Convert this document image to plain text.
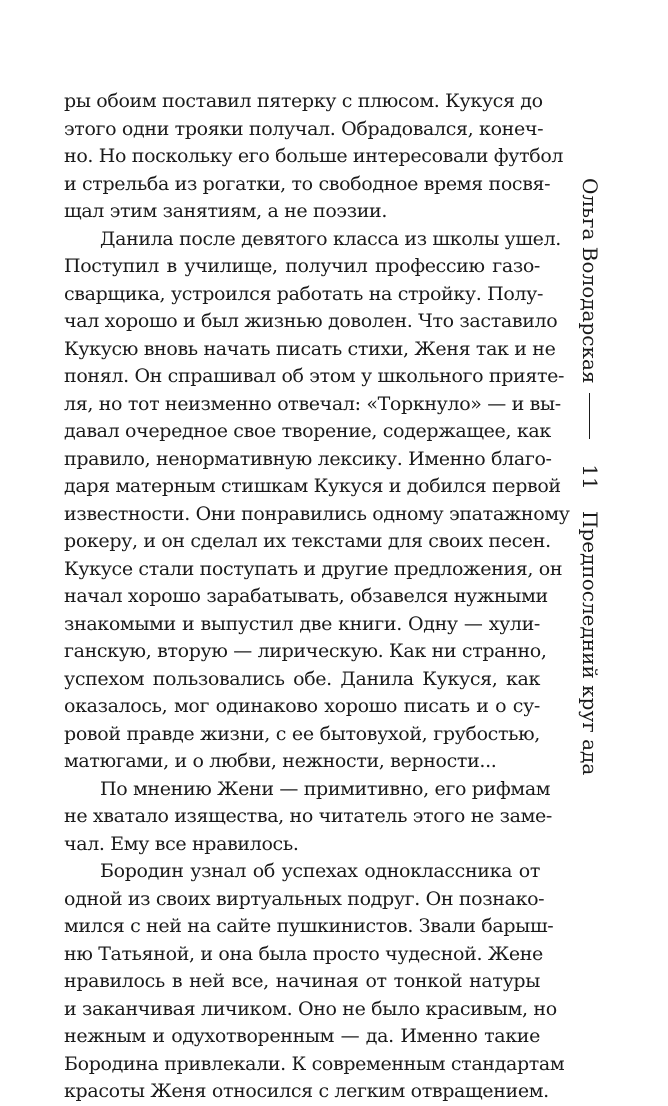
ры обоим поставил пятерку с плюсом. Кукуся до
этого одни трояки получал. Обрадовался, конеч-
но. Но поскольку его больше интересовали футбол
и стрельба из рогатки, то свободное время посвя-
щал этим занятиям, а не поэзии.
Данила после девятого класса из школы ушел.
Поступил в училище, получил профессию газо-
сварщика, устроился работать на стройку. Полу-
чал хорошо и был жизнью доволен. Что заставило
Кукусю вновь начать писать стихи, Женя так и не
понял. Он спрашивал об этом у школьного прияте-
ля, но тот неизменно отвечал: «Торкнуло» — и вы-
давал очередное свое творение, содержащее, как
правило, ненормативную лексику. Именно благо-
даря матерным стишкам Кукуся и добился первой
известности. Они понравились одному эпатажному
рокеру, и он сделал их текстами для своих песен.
Кукусе стали поступать и другие предложения, он
начал хорошо зарабатывать, обзавелся нужными
знакомыми и выпустил две книги. Одну — хули-
ганскую, вторую — лирическую. Как ни странно,
успехом пользовались обе. Данила Кукуся, как
оказалось, мог одинаково хорошо писать и о су-
ровой правде жизни, с ее бытовухой, грубостью,
матюгами, и о любви, нежности, верности...
По мнению Жени — примитивно, его рифмам
не хватало изящества, но читатель этого не заме-
чал. Ему все нравилось.
Бородин узнал об успехах одноклассника от
одной из своих виртуальных подруг. Он познако-
мился с ней на сайте пушкинистов. Звали барыш-
ню Татьяной, и она была просто чудесной. Жене
нравилось в ней все, начиная от тонкой натуры
и заканчивая личиком. Оно не было красивым, но
нежным и одухотворенным — да. Именно такие
Бородина привлекали. К современным стандартам
красоты Женя относился с легким отвращением.
Ольга Володарская
11
Предпоследний круг ада
